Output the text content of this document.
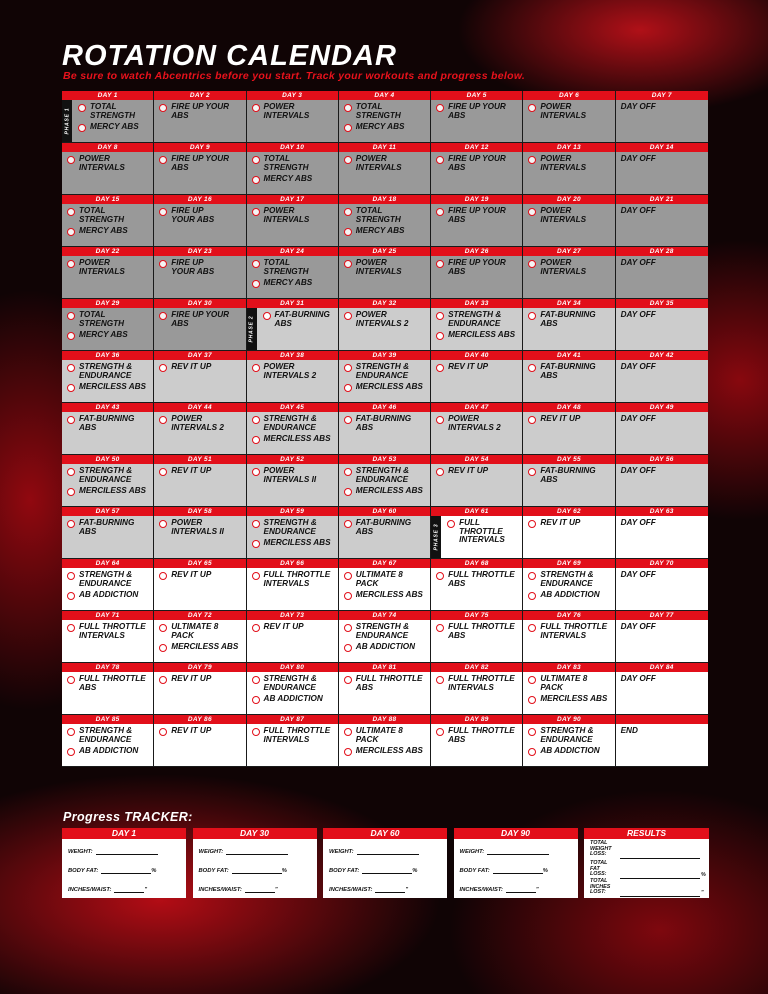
ROTATION CALENDAR
Be sure to watch Abcentrics before you start. Track your workouts and progress below.
DAY 1
PHASE 1
TOTAL
STRENGTH
MERCY ABS
DAY 2
FIRE UP YOUR
ABS
DAY 3
POWER
INTERVALS
DAY 4
TOTAL
STRENGTH
MERCY ABS
DAY 5
FIRE UP YOUR
ABS
DAY 6
POWER
INTERVALS
DAY 7
DAY OFF
DAY 8
POWER
INTERVALS
DAY 9
FIRE UP YOUR
ABS
DAY 10
TOTAL
STRENGTH
MERCY ABS
DAY 11
POWER
INTERVALS
DAY 12
FIRE UP YOUR
ABS
DAY 13
POWER
INTERVALS
DAY 14
DAY OFF
DAY 15
TOTAL
STRENGTH
MERCY ABS
DAY 16
FIRE UP
YOUR ABS
DAY 17
POWER
INTERVALS
DAY 18
TOTAL
STRENGTH
MERCY ABS
DAY 19
FIRE UP YOUR
ABS
DAY 20
POWER
INTERVALS
DAY 21
DAY OFF
DAY 22
POWER
INTERVALS
DAY 23
FIRE UP
YOUR ABS
DAY 24
TOTAL
STRENGTH
MERCY ABS
DAY 25
POWER
INTERVALS
DAY 26
FIRE UP YOUR
ABS
DAY 27
POWER
INTERVALS
DAY 28
DAY OFF
DAY 29
TOTAL
STRENGTH
MERCY ABS
DAY 30
FIRE UP YOUR
ABS
DAY 31
PHASE 2
FAT-BURNING
ABS
DAY 32
POWER
INTERVALS 2
DAY 33
STRENGTH &
ENDURANCE
MERCILESS ABS
DAY 34
FAT-BURNING
ABS
DAY 35
DAY OFF
DAY 36
STRENGTH &
ENDURANCE
MERCILESS ABS
DAY 37
REV IT UP
DAY 38
POWER
INTERVALS 2
DAY 39
STRENGTH &
ENDURANCE
MERCILESS ABS
DAY 40
REV IT UP
DAY 41
FAT-BURNING
ABS
DAY 42
DAY OFF
DAY 43
FAT-BURNING
ABS
DAY 44
POWER
INTERVALS 2
DAY 45
STRENGTH &
ENDURANCE
MERCILESS ABS
DAY 46
FAT-BURNING
ABS
DAY 47
POWER
INTERVALS 2
DAY 48
REV IT UP
DAY 49
DAY OFF
DAY 50
STRENGTH &
ENDURANCE
MERCILESS ABS
DAY 51
REV IT UP
DAY 52
POWER
INTERVALS II
DAY 53
STRENGTH &
ENDURANCE
MERCILESS ABS
DAY 54
REV IT UP
DAY 55
FAT-BURNING
ABS
DAY 56
DAY OFF
DAY 57
FAT-BURNING
ABS
DAY 58
POWER
INTERVALS II
DAY 59
STRENGTH &
ENDURANCE
MERCILESS ABS
DAY 60
FAT-BURNING
ABS
DAY 61
PHASE 3
FULL
THROTTLE
INTERVALS
DAY 62
REV IT UP
DAY 63
DAY OFF
DAY 64
STRENGTH &
ENDURANCE
AB ADDICTION
DAY 65
REV IT UP
DAY 66
FULL THROTTLE
INTERVALS
DAY 67
ULTIMATE 8
PACK
MERCILESS ABS
DAY 68
FULL THROTTLE
ABS
DAY 69
STRENGTH &
ENDURANCE
AB ADDICTION
DAY 70
DAY OFF
DAY 71
FULL THROTTLE
INTERVALS
DAY 72
ULTIMATE 8
PACK
MERCILESS ABS
DAY 73
REV IT UP
DAY 74
STRENGTH &
ENDURANCE
AB ADDICTION
DAY 75
FULL THROTTLE
ABS
DAY 76
FULL THROTTLE
INTERVALS
DAY 77
DAY OFF
DAY 78
FULL THROTTLE
ABS
DAY 79
REV IT UP
DAY 80
STRENGTH &
ENDURANCE
AB ADDICTION
DAY 81
FULL THROTTLE
ABS
DAY 82
FULL THROTTLE
INTERVALS
DAY 83
ULTIMATE 8
PACK
MERCILESS ABS
DAY 84
DAY OFF
DAY 85
STRENGTH &
ENDURANCE
AB ADDICTION
DAY 86
REV IT UP
DAY 87
FULL THROTTLE
INTERVALS
DAY 88
ULTIMATE 8
PACK
MERCILESS ABS
DAY 89
FULL THROTTLE
ABS
DAY 90
STRENGTH &
ENDURANCE
AB ADDICTION
END
Progress TRACKER:
DAY 1
WEIGHT:
BODY FAT:	%
INCHES/WAIST:	"
DAY 30
WEIGHT:
BODY FAT:	%
INCHES/WAIST:	"
DAY 60
WEIGHT:
BODY FAT:	%
INCHES/WAIST:	"
DAY 90
WEIGHT:
BODY FAT:	%
INCHES/WAIST:	"
RESULTS
TOTAL
WEIGHT
LOSS:
TOTAL
FAT
LOSS:	%
TOTAL
INCHES
LOST:	"
